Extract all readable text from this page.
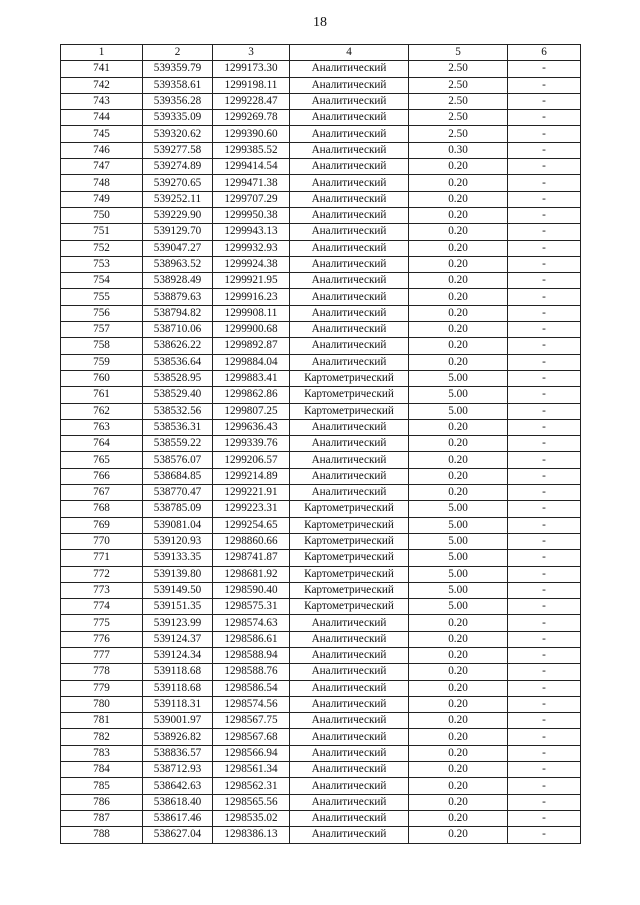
18
1	2	3	4	5	6
741	539359.79	1299173.30	Аналитический	2.50	-
742	539358.61	1299198.11	Аналитический	2.50	-
743	539356.28	1299228.47	Аналитический	2.50	-
744	539335.09	1299269.78	Аналитический	2.50	-
745	539320.62	1299390.60	Аналитический	2.50	-
746	539277.58	1299385.52	Аналитический	0.30	-
747	539274.89	1299414.54	Аналитический	0.20	-
748	539270.65	1299471.38	Аналитический	0.20	-
749	539252.11	1299707.29	Аналитический	0.20	-
750	539229.90	1299950.38	Аналитический	0.20	-
751	539129.70	1299943.13	Аналитический	0.20	-
752	539047.27	1299932.93	Аналитический	0.20	-
753	538963.52	1299924.38	Аналитический	0.20	-
754	538928.49	1299921.95	Аналитический	0.20	-
755	538879.63	1299916.23	Аналитический	0.20	-
756	538794.82	1299908.11	Аналитический	0.20	-
757	538710.06	1299900.68	Аналитический	0.20	-
758	538626.22	1299892.87	Аналитический	0.20	-
759	538536.64	1299884.04	Аналитический	0.20	-
760	538528.95	1299883.41	Картометрический	5.00	-
761	538529.40	1299862.86	Картометрический	5.00	-
762	538532.56	1299807.25	Картометрический	5.00	-
763	538536.31	1299636.43	Аналитический	0.20	-
764	538559.22	1299339.76	Аналитический	0.20	-
765	538576.07	1299206.57	Аналитический	0.20	-
766	538684.85	1299214.89	Аналитический	0.20	-
767	538770.47	1299221.91	Аналитический	0.20	-
768	538785.09	1299223.31	Картометрический	5.00	-
769	539081.04	1299254.65	Картометрический	5.00	-
770	539120.93	1298860.66	Картометрический	5.00	-
771	539133.35	1298741.87	Картометрический	5.00	-
772	539139.80	1298681.92	Картометрический	5.00	-
773	539149.50	1298590.40	Картометрический	5.00	-
774	539151.35	1298575.31	Картометрический	5.00	-
775	539123.99	1298574.63	Аналитический	0.20	-
776	539124.37	1298586.61	Аналитический	0.20	-
777	539124.34	1298588.94	Аналитический	0.20	-
778	539118.68	1298588.76	Аналитический	0.20	-
779	539118.68	1298586.54	Аналитический	0.20	-
780	539118.31	1298574.56	Аналитический	0.20	-
781	539001.97	1298567.75	Аналитический	0.20	-
782	538926.82	1298567.68	Аналитический	0.20	-
783	538836.57	1298566.94	Аналитический	0.20	-
784	538712.93	1298561.34	Аналитический	0.20	-
785	538642.63	1298562.31	Аналитический	0.20	-
786	538618.40	1298565.56	Аналитический	0.20	-
787	538617.46	1298535.02	Аналитический	0.20	-
788	538627.04	1298386.13	Аналитический	0.20	-
